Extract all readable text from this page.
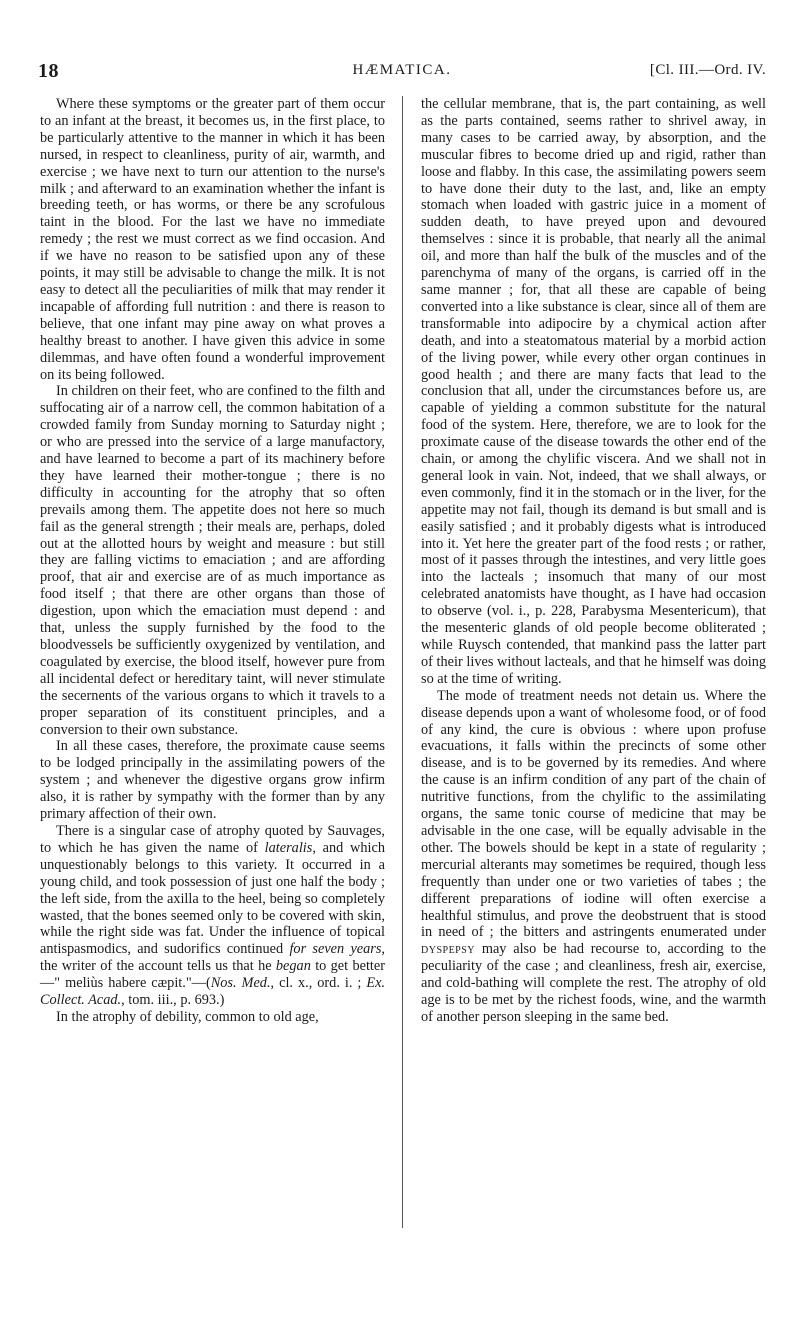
18	HÆMATICA.	[Cl. III.—Ord. IV.

Where these symptoms or the greater part of them occur to an infant at the breast, it becomes us, in the first place, to be particularly attentive to the manner in which it has been nursed, in respect to cleanliness, purity of air, warmth, and exercise ; we have next to turn our attention to the nurse's milk ; and afterward to an examination whether the infant is breeding teeth, or has worms, or there be any scrofulous taint in the blood. For the last we have no immediate remedy ; the rest we must correct as we find occasion. And if we have no reason to be satisfied upon any of these points, it may still be advisable to change the milk. It is not easy to detect all the peculiarities of milk that may render it incapable of affording full nutrition : and there is reason to believe, that one infant may pine away on what proves a healthy breast to another. I have given this advice in some dilemmas, and have often found a wonderful improvement on its being followed.

In children on their feet, who are confined to the filth and suffocating air of a narrow cell, the common habitation of a crowded family from Sunday morning to Saturday night ; or who are pressed into the service of a large manufactory, and have learned to become a part of its machinery before they have learned their mother-tongue ; there is no difficulty in accounting for the atrophy that so often prevails among them. The appetite does not here so much fail as the general strength ; their meals are, perhaps, doled out at the allotted hours by weight and measure : but still they are falling victims to emaciation ; and are affording proof, that air and exercise are of as much importance as food itself ; that there are other organs than those of digestion, upon which the emaciation must depend : and that, unless the supply furnished by the food to the bloodvessels be sufficiently oxygenized by ventilation, and coagulated by exercise, the blood itself, however pure from all incidental defect or hereditary taint, will never stimulate the secernents of the various organs to which it travels to a proper separation of its constituent principles, and a conversion to their own substance.

In all these cases, therefore, the proximate cause seems to be lodged principally in the assimilating powers of the system ; and whenever the digestive organs grow infirm also, it is rather by sympathy with the former than by any primary affection of their own.

There is a singular case of atrophy quoted by Sauvages, to which he has given the name of lateralis, and which unquestionably belongs to this variety. It occurred in a young child, and took possession of just one half the body ; the left side, from the axilla to the heel, being so completely wasted, that the bones seemed only to be covered with skin, while the right side was fat. Under the influence of topical antispasmodics, and sudorifics continued for seven years, the writer of the account tells us that he began to get better—" meliùs habere cæpit."—(Nos. Med., cl. x., ord. i. ; Ex. Collect. Acad., tom. iii., p. 693.)

In the atrophy of debility, common to old age,

the cellular membrane, that is, the part containing, as well as the parts contained, seems rather to shrivel away, in many cases to be carried away, by absorption, and the muscular fibres to become dried up and rigid, rather than loose and flabby. In this case, the assimilating powers seem to have done their duty to the last, and, like an empty stomach when loaded with gastric juice in a moment of sudden death, to have preyed upon and devoured themselves : since it is probable, that nearly all the animal oil, and more than half the bulk of the muscles and of the parenchyma of many of the organs, is carried off in the same manner ; for, that all these are capable of being converted into a like substance is clear, since all of them are transformable into adipocire by a chymical action after death, and into a steatomatous material by a morbid action of the living power, while every other organ continues in good health ; and there are many facts that lead to the conclusion that all, under the circumstances before us, are capable of yielding a common substitute for the natural food of the system. Here, therefore, we are to look for the proximate cause of the disease towards the other end of the chain, or among the chylific viscera. And we shall not in general look in vain. Not, indeed, that we shall always, or even commonly, find it in the stomach or in the liver, for the appetite may not fail, though its demand is but small and is easily satisfied ; and it probably digests what is introduced into it. Yet here the greater part of the food rests ; or rather, most of it passes through the intestines, and very little goes into the lacteals ; insomuch that many of our most celebrated anatomists have thought, as I have had occasion to observe (vol. i., p. 228, Parabysma Mesentericum), that the mesenteric glands of old people become obliterated ; while Ruysch contended, that mankind pass the latter part of their lives without lacteals, and that he himself was doing so at the time of writing.

The mode of treatment needs not detain us. Where the disease depends upon a want of wholesome food, or of food of any kind, the cure is obvious : where upon profuse evacuations, it falls within the precincts of some other disease, and is to be governed by its remedies. And where the cause is an infirm condition of any part of the chain of nutritive functions, from the chylific to the assimilating organs, the same tonic course of medicine that may be advisable in the one case, will be equally advisable in the other. The bowels should be kept in a state of regularity ; mercurial alterants may sometimes be required, though less frequently than under one or two varieties of tabes ; the different preparations of iodine will often exercise a healthful stimulus, and prove the deobstruent that is stood in need of ; the bitters and astringents enumerated under dyspepsy may also be had recourse to, according to the peculiarity of the case ; and cleanliness, fresh air, exercise, and cold-bathing will complete the rest. The atrophy of old age is to be met by the richest foods, wine, and the warmth of another person sleeping in the same bed.
